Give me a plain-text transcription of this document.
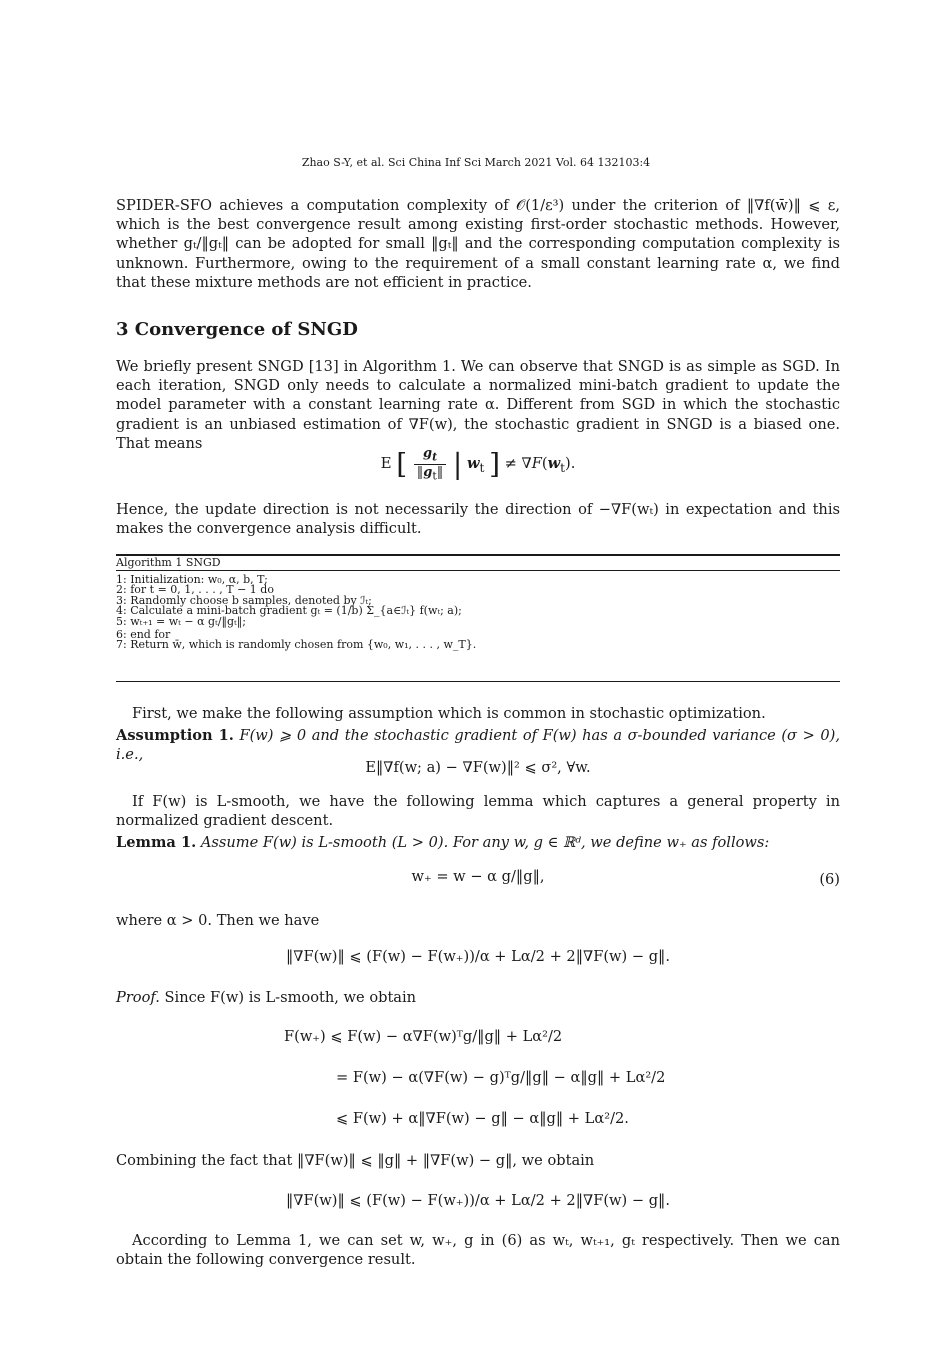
Zhao S-Y, et al. Sci China Inf Sci March 2021 Vol. 64 132103:4
SPIDER-SFO achieves a computation complexity of 𝒪(1/ε³) under the criterion of ‖∇f(w̄)‖ ⩽ ε, which is the best convergence result among existing first-order stochastic methods. However, whether gₜ/‖gₜ‖ can be adopted for small ‖gₜ‖ and the corresponding computation complexity is unknown. Furthermore, owing to the requirement of a small constant learning rate α, we find that these mixture methods are not efficient in practice.
3 Convergence of SNGD
We briefly present SNGD [13] in Algorithm 1. We can observe that SNGD is as simple as SGD. In each iteration, SNGD only needs to calculate a normalized mini-batch gradient to update the model parameter with a constant learning rate α. Different from SGD in which the stochastic gradient is an unbiased estimation of ∇F(w), the stochastic gradient in SNGD is a biased one. That means
E [ $\frac{g_t}{‖g_t‖}$ | $w_t$ ] ≠ $\nabla F(w_t)$.
Hence, the update direction is not necessarily the direction of −∇F(wₜ) in expectation and this makes the convergence analysis difficult.
Algorithm 1 SNGD
1: Initialization: w₀, α, b, T;
2: for t = 0, 1, . . . , T − 1 do
3: Randomly choose b samples, denoted by ℐₜ;
4: Calculate a mini-batch gradient gₜ = (1/b) Σ_{a∈ℐₜ} f(wₜ; a);
5: wₜ₊₁ = wₜ − α gₜ/‖gₜ‖;
6: end for
7: Return w̄, which is randomly chosen from {w₀, w₁, . . . , w_T}.
First, we make the following assumption which is common in stochastic optimization.
Assumption 1. F(w) ⩾ 0 and the stochastic gradient of F(w) has a σ-bounded variance (σ > 0), i.e.,
E‖∇f(w; a) − ∇F(w)‖² ⩽ σ², ∀w.
If F(w) is L-smooth, we have the following lemma which captures a general property in normalized gradient descent.
Lemma 1. Assume F(w) is L-smooth (L > 0). For any w, g ∈ ℝᵈ, we define w₊ as follows:
w₊ = w − α g/‖g‖,	(6)
where α > 0. Then we have
‖∇F(w)‖ ⩽ (F(w) − F(w₊))/α + Lα/2 + 2‖∇F(w) − g‖.
Proof. Since F(w) is L-smooth, we obtain
F(w₊) ⩽ F(w) − α∇F(w)ᵀg/‖g‖ + Lα²/2
= F(w) − α(∇F(w) − g)ᵀg/‖g‖ − α‖g‖ + Lα²/2
⩽ F(w) + α‖∇F(w) − g‖ − α‖g‖ + Lα²/2.
Combining the fact that ‖∇F(w)‖ ⩽ ‖g‖ + ‖∇F(w) − g‖, we obtain
‖∇F(w)‖ ⩽ (F(w) − F(w₊))/α + Lα/2 + 2‖∇F(w) − g‖.
According to Lemma 1, we can set w, w₊, g in (6) as wₜ, wₜ₊₁, gₜ respectively. Then we can obtain the following convergence result.
